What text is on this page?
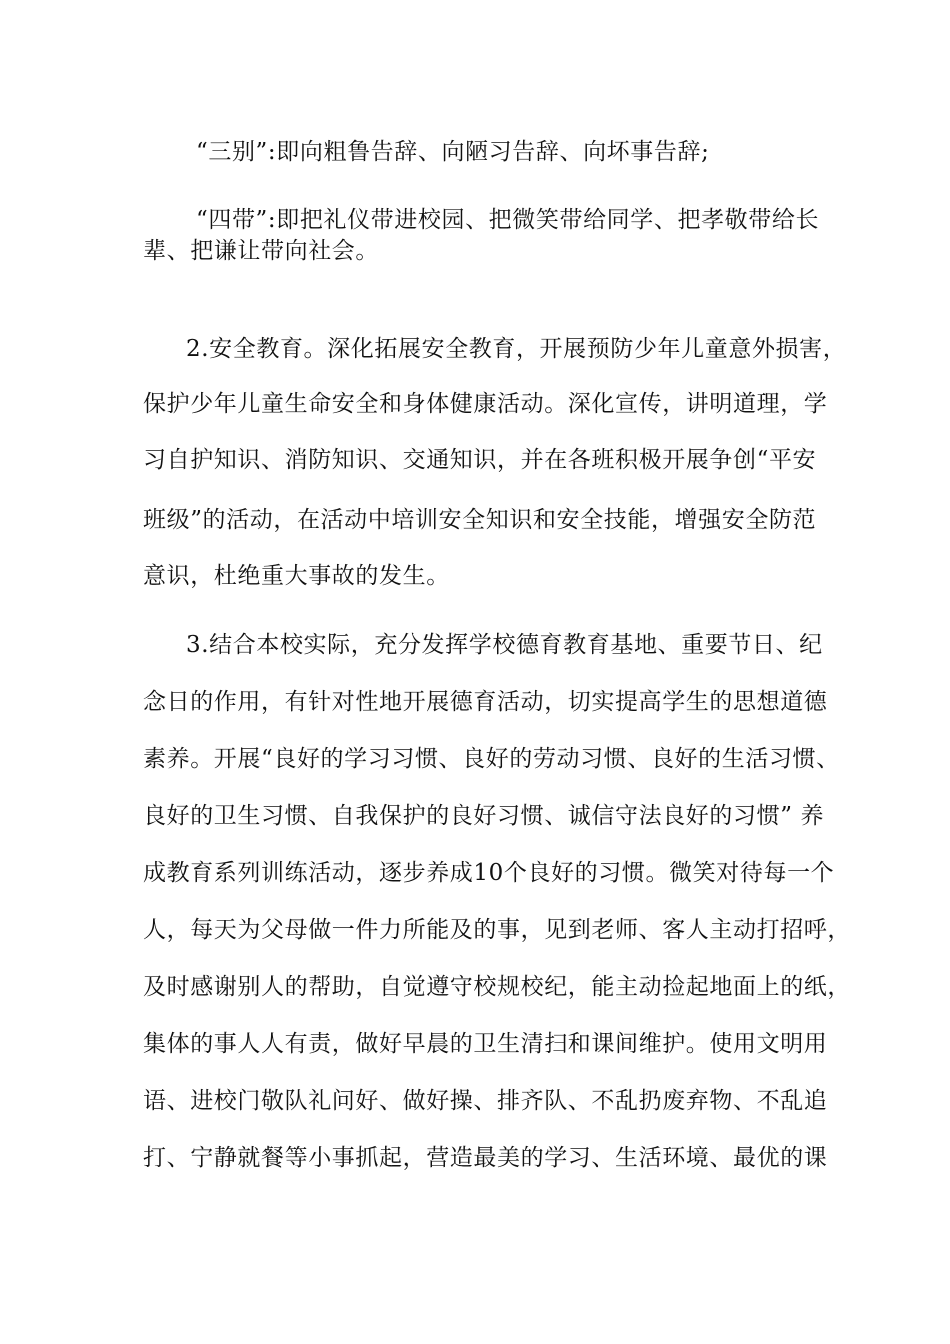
“三别”:即向粗鲁告辞、向陋习告辞、向坏事告辞;

“四带”:即把礼仪带进校园、把微笑带给同学、把孝敬带给长

辈、把谦让带向社会。

2.安全教育。深化拓展安全教育，开展预防少年儿童意外损害，

保护少年儿童生命安全和身体健康活动。深化宣传，讲明道理，学

习自护知识、消防知识、交通知识，并在各班积极开展争创“平安

班级”的活动，在活动中培训安全知识和安全技能，增强安全防范

意识，杜绝重大事故的发生。

3.结合本校实际，充分发挥学校德育教育基地、重要节日、纪

念日的作用，有针对性地开展德育活动，切实提高学生的思想道德

素养。开展“良好的学习习惯、良好的劳动习惯、良好的生活习惯、

良好的卫生习惯、自我保护的良好习惯、诚信守法良好的习惯” 养

成教育系列训练活动，逐步养成10个良好的习惯。微笑对待每一个

人，每天为父母做一件力所能及的事，见到老师、客人主动打招呼，

及时感谢别人的帮助，自觉遵守校规校纪，能主动捡起地面上的纸，

集体的事人人有责，做好早晨的卫生清扫和课间维护。使用文明用

语、进校门敬队礼问好、做好操、排齐队、不乱扔废弃物、不乱追

打、宁静就餐等小事抓起，营造最美的学习、生活环境、最优的课
